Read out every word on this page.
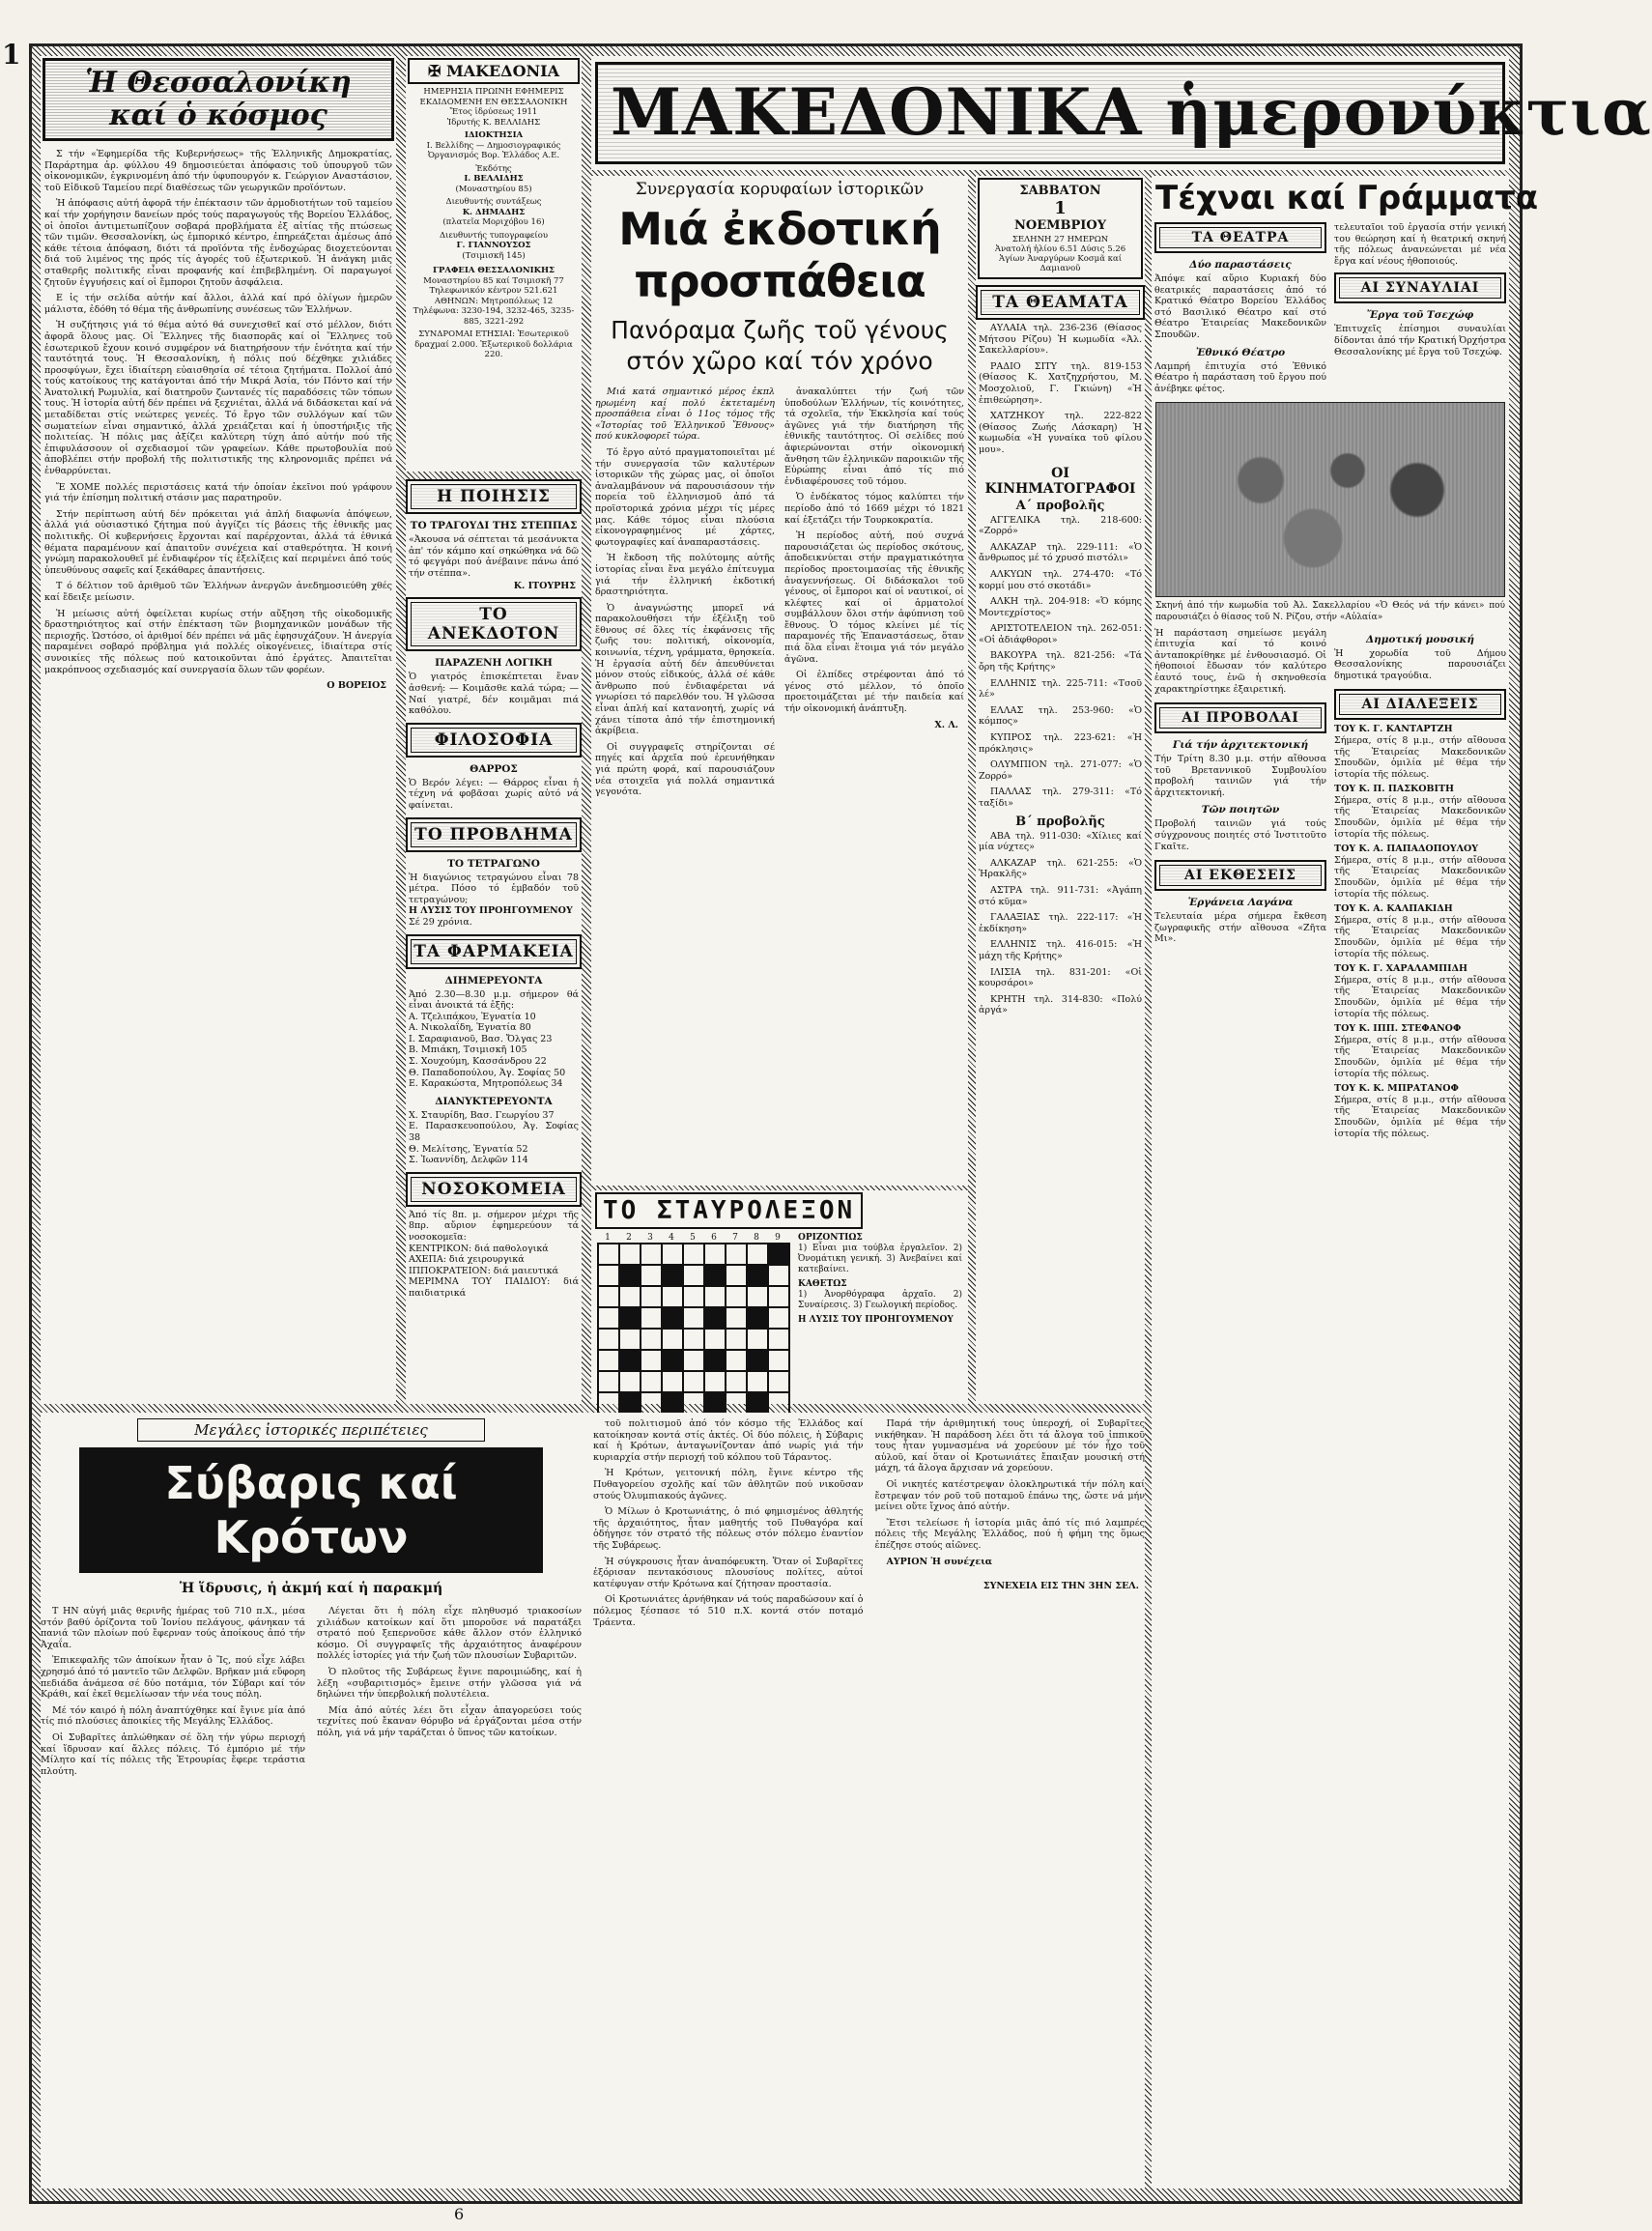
1
Ἡ Θεσσαλονίκη καί ὁ κόσμος

Σ τήν «Ἐφημερίδα τῆς Κυβερνήσεως» τῆς Ἑλληνικῆς Δημοκρατίας, Παράρτημα ἀρ. φύλλου 49 δημοσιεύεται ἀπόφασις τοῦ ὑπουργοῦ τῶν οἰκονομικῶν, ἐγκρινομένη ἀπό τήν ὑφυπουργόν κ. Γεώργιον Αναστάσιον, τοῦ Εἰδικοῦ Ταμείου περί διαθέσεως τῶν γεωργικῶν προϊόντων.

Ἡ ἀπόφασις αὐτή ἀφορᾶ τήν ἐπέκτασιν τῶν ἀρμοδιοτήτων τοῦ ταμείου καί τήν χορήγησιν δανείων πρός τούς παραγωγούς τῆς Βορείου Ἑλλάδος, οἱ ὁποῖοι ἀντιμετωπίζουν σοβαρά προβλήματα ἐξ αἰτίας τῆς πτώσεως τῶν τιμῶν. Θεσσαλονίκη, ὡς ἐμπορικό κέντρο, ἐπηρεάζεται ἀμέσως ἀπό κάθε τέτοια ἀπόφαση, διότι τά προϊόντα τῆς ἐνδοχώρας διοχετεύονται διά τοῦ λιμένος της πρός τίς ἀγορές τοῦ ἐξωτερικοῦ. Ἡ ἀνάγκη μιᾶς σταθερῆς πολιτικῆς εἶναι προφανής καί ἐπιβεβλημένη. Οἱ παραγωγοί ζητοῦν ἐγγυήσεις καί οἱ ἔμποροι ζητοῦν ἀσφάλεια.

Ε ἰς τήν σελίδα αὐτήν καί ἄλλοι, ἀλλά καί πρό ὀλίγων ἡμερῶν μάλιστα, ἐδόθη τό θέμα τῆς ἀνθρωπίνης συνέσεως τῶν Ἑλλήνων.

Ἡ συζήτησις γιά τό θέμα αὐτό θά συνεχισθεῖ καί στό μέλλον, διότι ἀφορᾶ ὅλους μας. Οἱ Ἕλληνες τῆς διασπορᾶς καί οἱ Ἕλληνες τοῦ ἐσωτερικοῦ ἔχουν κοινό συμφέρον νά διατηρήσουν τήν ἑνότητα καί τήν ταυτότητά τους. Ἡ Θεσσαλονίκη, ἡ πόλις πού δέχθηκε χιλιάδες προσφύγων, ἔχει ἰδιαίτερη εὐαισθησία σέ τέτοια ζητήματα. Πολλοί ἀπό τούς κατοίκους της κατάγονται ἀπό τήν Μικρά Ἀσία, τόν Πόντο καί τήν Ἀνατολική Ρωμυλία, καί διατηροῦν ζωντανές τίς παραδόσεις τῶν τόπων τους. Ἡ ἱστορία αὐτή δέν πρέπει νά ξεχνιέται, ἀλλά νά διδάσκεται καί νά μεταδίδεται στίς νεώτερες γενεές. Τό ἔργο τῶν συλλόγων καί τῶν σωματείων εἶναι σημαντικό, ἀλλά χρειάζεται καί ἡ ὑποστήριξις τῆς πολιτείας. Ἡ πόλις μας ἀξίζει καλύτερη τύχη ἀπό αὐτήν πού τῆς ἐπιφυλάσσουν οἱ σχεδιασμοί τῶν γραφείων. Κάθε πρωτοβουλία πού ἀποβλέπει στήν προβολή τῆς πολιτιστικῆς της κληρονομιᾶς πρέπει νά ἐνθαρρύνεται.

Ἔ ΧΟΜΕ πολλές περιστάσεις κατά τήν ὁποίαν ἐκεῖνοι πού γράφουν γιά τήν ἐπίσημη πολιτική στάσιν μας παρατηροῦν.

Στήν περίπτωση αὐτή δέν πρόκειται γιά ἀπλή διαφωνία ἀπόψεων, ἀλλά γιά οὐσιαστικό ζήτημα πού ἀγγίζει τίς βάσεις τῆς ἐθνικῆς μας πολιτικῆς. Οἱ κυβερνήσεις ἔρχονται καί παρέρχονται, ἀλλά τά ἐθνικά θέματα παραμένουν καί ἀπαιτοῦν συνέχεια καί σταθερότητα. Ἡ κοινή γνώμη παρακολουθεῖ μέ ἐνδιαφέρον τίς ἐξελίξεις καί περιμένει ἀπό τούς ὑπευθύνους σαφεῖς καί ξεκάθαρες ἀπαντήσεις.

Τ ό δέλτιον τοῦ ἀριθμοῦ τῶν Ἑλλήνων ἀνεργῶν ἀνεδημοσιεύθη χθές καί ἔδειξε μείωσιν.

Ἡ μείωσις αὐτή ὀφείλεται κυρίως στήν αὔξηση τῆς οἰκοδομικῆς δραστηριότητος καί στήν ἐπέκταση τῶν βιομηχανικῶν μονάδων τῆς περιοχῆς. Ὡστόσο, οἱ ἀριθμοί δέν πρέπει νά μᾶς ἐφησυχάζουν. Ἡ ἀνεργία παραμένει σοβαρό πρόβλημα γιά πολλές οἰκογένειες, ἰδιαίτερα στίς συνοικίες τῆς πόλεως πού κατοικοῦνται ἀπό ἐργάτες. Ἀπαιτεῖται μακρόπνοος σχεδιασμός καί συνεργασία ὅλων τῶν φορέων.

Ο ΒΟΡΕΙΟΣ
✠ ΜΑΚΕΔΟΝΙΑ
ΗΜΕΡΗΣΙΑ ΠΡΩΙΝΗ ΕΦΗΜΕΡΙΣ
ΕΚΔΙΔΟΜΕΝΗ ΕΝ ΘΕΣΣΑΛΟΝΙΚΗ
Ἔτος ἱδρύσεως 1911
Ἱδρυτής Κ. ΒΕΛΛΙΔΗΣ
ΙΔΙΟΚΤΗΣΙΑ
Ι. Βελλίδης — Δημοσιογραφικός
Ὀργανισμός Βορ. Ἑλλάδος Α.Ε.
Ἐκδότης
Ι. ΒΕΛΛΙΔΗΣ
(Μοναστηρίου 85)
Διευθυντής συντάξεως
Κ. ΔΗΜΑΔΗΣ
(πλατεῖα Μοριχόβου 16)
Διευθυντής τυπογραφείου
Γ. ΓΙΑΝΝΟΥΣΟΣ
(Τσιμισκῆ 145)
ΓΡΑΦΕΙΑ ΘΕΣΣΑΛΟΝΙΚΗΣ
Μοναστηρίου 85 καί Τσιμισκῆ 77
Τηλεφωνικόν κέντρον 521.621
ΑΘΗΝΩΝ: Μητροπόλεως 12
Τηλέφωνα: 3230-194, 3232-465, 3235-885, 3221-292
ΣΥΝΔΡΟΜΑΙ ΕΤΗΣΙΑΙ: Ἐσωτερικοῦ δραχμαί 2.000. Ἐξωτερικοῦ δολλάρια 220.
Η ΠΟΙΗΣΙΣ
ΤΟ ΤΡΑΓΟΥΔΙ ΤΗΣ ΣΤΕΠΠΑΣ
«Ἀκουσα νά σέπτεται τά μεσάνυκτα ἀπ' τόν κάμπο καί σηκώθηκα νά δῶ τό φεγγάρι πού ἀνέβαινε πάνω ἀπό τήν στέππα».
Κ. ΙΤΟΥΡΗΣ
ΤΟ ΑΝΕΚΔΟΤΟΝ
ΠΑΡΑΖΕΝΗ ΛΟΓΙΚΗ
Ὁ γιατρός ἐπισκέπτεται ἕναν ἀσθενή: — Κοιμᾶσθε καλά τώρα; — Ναί γιατρέ, δέν κοιμᾶμαι πιά καθόλου.
ΦΙΛΟΣΟΦΙΑ
ΘΑΡΡΟΣ
Ὁ Βερόν λέγει: — Θάρρος εἶναι ἡ τέχνη νά φοβᾶσαι χωρίς αὐτό νά φαίνεται.
ΤΟ ΠΡΟΒΛΗΜΑ
ΤΟ ΤΕΤΡΑΓΩΝΟ
Ἡ διαγώνιος τετραγώνου εἶναι 78 μέτρα. Πόσο τό ἐμβαδόν τοῦ τετραγώνου;
Η ΛΥΣΙΣ ΤΟΥ ΠΡΟΗΓΟΥΜΕΝΟΥ
Σέ 29 χρόνια.
ΤΑ ΦΑΡΜΑΚΕΙΑ
ΔΙΗΜΕΡΕΥΟΝΤΑ
Ἀπό 2.30—8.30 μ.μ. σήμερον θά εἶναι ἀνοικτά τά ἑξῆς:
Α. Τζελιπάκου, Ἐγνατία 10
Α. Νικολαΐδη, Ἐγνατία 80
Ι. Σαραφιανοῦ, Βασ. Ὄλγας 23
Β. Μπιάκη, Τσιμισκῆ 105
Σ. Χουχούμη, Κασσάνδρου 22
Θ. Παπαδοπούλου, Ἀγ. Σοφίας 50
Ε. Καρακώστα, Μητροπόλεως 34
ΔΙΑΝΥΚΤΕΡΕΥΟΝΤΑ
Χ. Σταυρίδη, Βασ. Γεωργίου 37
Ε. Παρασκευοπούλου, Ἀγ. Σοφίας 38
Θ. Μελίτσης, Ἐγνατία 52
Σ. Ἰωαννίδη, Δελφῶν 114
ΝΟΣΟΚΟΜΕΙΑ
Ἀπό τίς 8π. μ. σήμερον μέχρι τῆς 8πρ. αὔριον ἐφημερεύουν τά νοσοκομεῖα:
ΚΕΝΤΡΙΚΟΝ: διά παθολογικά
ΑΧΕΠΑ: διά χειρουργικά
ΙΠΠΟΚΡΑΤΕΙΟΝ: διά μαιευτικά
ΜΕΡΙΜΝΑ ΤΟΥ ΠΑΙΔΙΟΥ: διά παιδιατρικά
ΜΑΚΕΔΟΝΙΚΑ ἡμερονύκτια
Συνεργασία κορυφαίων ἱστορικῶν
Μιά ἐκδοτική προσπάθεια
Πανόραμα ζωῆς τοῦ γένους στόν χῶρο καί τόν χρόνο

Μιά κατά σημαντικό μέρος ἐκπλ ηρωμένη καί πολύ ἐκτεταμένη προσπάθεια εἶναι ὁ 11ος τόμος τῆς «Ἱστορίας τοῦ Ἑλληνικοῦ Ἔθνους» πού κυκλοφορεῖ τώρα.

Τό ἔργο αὐτό πραγματοποιεῖται μέ τήν συνεργασία τῶν καλυτέρων ἱστορικῶν τῆς χώρας μας, οἱ ὁποῖοι ἀναλαμβάνουν νά παρουσιάσουν τήν πορεία τοῦ ἑλληνισμοῦ ἀπό τά προϊστορικά χρόνια μέχρι τίς μέρες μας. Κάθε τόμος εἶναι πλούσια εἰκονογραφημένος μέ χάρτες, φωτογραφίες καί ἀναπαραστάσεις.

Ἡ ἔκδοση τῆς πολύτομης αὐτῆς ἱστορίας εἶναι ἕνα μεγάλο ἐπίτευγμα γιά τήν ἑλληνική ἐκδοτική δραστηριότητα.

Ὁ ἀναγνώστης μπορεῖ νά παρακολουθήσει τήν ἐξέλιξη τοῦ ἔθνους σέ ὅλες τίς ἐκφάνσεις τῆς ζωῆς του: πολιτική, οἰκονομία, κοινωνία, τέχνη, γράμματα, θρησκεία. Ἡ ἐργασία αὐτή δέν ἀπευθύνεται μόνον στούς εἰδικούς, ἀλλά σέ κάθε ἄνθρωπο πού ἐνδιαφέρεται νά γνωρίσει τό παρελθόν του. Ἡ γλῶσσα εἶναι ἁπλή καί κατανοητή, χωρίς νά χάνει τίποτα ἀπό τήν ἐπιστημονική ἀκρίβεια.

Οἱ συγγραφεῖς στηρίζονται σέ πηγές καί ἀρχεῖα πού ἐρευνήθηκαν γιά πρώτη φορά, καί παρουσιάζουν νέα στοιχεῖα γιά πολλά σημαντικά γεγονότα.

ἀνακαλύπτει τήν ζωή τῶν ὑποδούλων Ἑλλήνων, τίς κοινότητες, τά σχολεῖα, τήν Ἐκκλησία καί τούς ἀγῶνες γιά τήν διατήρηση τῆς ἐθνικῆς ταυτότητος. Οἱ σελίδες πού ἀφιερώνονται στήν οἰκονομική ἄνθηση τῶν ἑλληνικῶν παροικιῶν τῆς Εὐρώπης εἶναι ἀπό τίς πιό ἐνδιαφέρουσες τοῦ τόμου.

Ὁ ἐνδέκατος τόμος καλύπτει τήν περίοδο ἀπό τό 1669 μέχρι τό 1821 καί ἐξετάζει τήν Τουρκοκρατία.

Ἡ περίοδος αὐτή, πού συχνά παρουσιάζεται ὡς περίοδος σκότους, ἀποδεικνύεται στήν πραγματικότητα περίοδος προετοιμασίας τῆς ἐθνικῆς ἀναγεννήσεως. Οἱ διδάσκαλοι τοῦ γένους, οἱ ἔμποροι καί οἱ ναυτικοί, οἱ κλέφτες καί οἱ ἁρματολοί συμβάλλουν ὅλοι στήν ἀφύπνιση τοῦ ἔθνους. Ὁ τόμος κλείνει μέ τίς παραμονές τῆς Ἐπαναστάσεως, ὅταν πιά ὅλα εἶναι ἕτοιμα γιά τόν μεγάλο ἀγῶνα.

Οἱ ἐλπίδες στρέφονται ἀπό τό γένος στό μέλλον, τό ὁποῖο προετοιμάζεται μέ τήν παιδεία καί τήν οἰκονομική ἀνάπτυξη.

Χ. Λ.
ΤΟ ΣΤΑΥΡΟΛΕΞΟΝ
1	2	3	4	5	6	7	8	9	ΟΡΙΖΟΝΤΙΩΣ
1) Εἶναι μια τούβλα ἐργαλεῖον. 2) Ὀνομάτικη γενική. 3) Ἀνεβαίνει καί κατεβαίνει.
ΚΑΘΕΤΩΣ
1) Ἀνορθόγραφα ἀρχαῖο. 2) Συναίρεσις. 3) Γεωλογική περίοδος.
Η ΛΥΣΙΣ ΤΟΥ ΠΡΟΗΓΟΥΜΕΝΟΥ
ΣΑΒΒΑΤΟΝ
1
ΝΟΕΜΒΡΙΟΥ
ΣΕΛΗΝΗ 27 ΗΜΕΡΩΝ
Ἀνατολή ἡλίου 6.51 Δύσις 5.26
Ἁγίων Ἀναργύρων Κοσμᾶ καί Δαμιανοῦ
ΤΑ ΘΕΑΜΑΤΑ

ΑΥΛΑΙΑ τηλ. 236-236 (Θίασος Μήτσου Ρίζου) Ἡ κωμωδία «Ἀλ. Σακελλαρίου».

ΡΑΔΙΟ ΣΙΤΥ τηλ. 819-153 (Θίασος Κ. Χατζηχρήστου, Μ. Μοσχολιοῦ, Γ. Γκιώνη) «Ἡ ἐπιθεώρηση».

ΧΑΤΖΗΚΟΥ τηλ. 222-822 (Θίασος Ζωής Λάσκαρη) Ἡ κωμωδία «Ἡ γυναίκα τοῦ φίλου μου».

ΟΙ ΚΙΝΗΜΑΤΟΓΡΑΦΟΙ
Α΄ προβολῆς

ΑΓΓΕΛΙΚΑ τηλ. 218-600: «Ζορρό»

ΑΛΚΑΖΑΡ τηλ. 229-111: «Ὁ ἄνθρωπος μέ τό χρυσό πιστόλι»

ΑΛΚΥΩΝ τηλ. 274-470: «Τό κορμί μου στό σκοτάδι»

ΑΛΚΗ τηλ. 204-918: «Ὁ κόμης Μοντεχρίστος»

ΑΡΙΣΤΟΤΕΛΕΙΟΝ τηλ. 262-051: «Οἱ ἀδιάφθοροι»

ΒΑΚΟΥΡΑ τηλ. 821-256: «Τά ὄρη τῆς Κρήτης»

ΕΛΛΗΝΙΣ τηλ. 225-711: «Τσοῦ λέ»

ΕΛΛΑΣ τηλ. 253-960: «Ὁ κόμπος»

ΚΥΠΡΟΣ τηλ. 223-621: «Ἡ πρόκλησις»

ΟΛΥΜΠΙΟΝ τηλ. 271-077: «Ὁ Ζορρό»

ΠΑΛΛΑΣ τηλ. 279-311: «Τό ταξίδι»

Β΄ προβολῆς

ΑΒΑ τηλ. 911-030: «Χίλιες καί μία νύχτες»

ΑΛΚΑΖΑΡ τηλ. 621-255: «Ὁ Ἡρακλῆς»

ΑΣΤΡΑ τηλ. 911-731: «Ἀγάπη στό κῦμα»

ΓΑΛΑΞΙΑΣ τηλ. 222-117: «Ἡ ἐκδίκηση»

ΕΛΛΗΝΙΣ τηλ. 416-015: «Ἡ μάχη τῆς Κρήτης»

ΙΛΙΣΙΑ τηλ. 831-201: «Οἱ κουρσάροι»

ΚΡΗΤΗ τηλ. 314-830: «Πολύ ἀργά»

Τέχναι καί Γράμματα
ΤΑ ΘΕΑΤΡΑ
Δύο παραστάσεις
Ἀπόψε καί αὔριο Κυριακή δύο θεατρικές παραστάσεις ἀπό τό Κρατικό Θέατρο Βορείου Ἑλλάδος στό Βασιλικό Θέατρο καί στό Θέατρο Ἑταιρείας Μακεδονικῶν Σπουδῶν.
Ἐθνικό Θέατρο
Λαμπρή ἐπιτυχία στό Ἐθνικό Θέατρο ἡ παράσταση τοῦ ἔργου πού ἀνέβηκε φέτος.
τελευταῖοι τοῦ ἐργασία στήν γενική του θεώρηση καί ἡ θεατρική σκηνή τῆς πόλεως ἀνανεώνεται μέ νέα ἔργα καί νέους ἠθοποιούς.
ΑΙ ΣΥΝΑΥΛΙΑΙ
Ἔργα τοῦ Τσεχώφ
Ἐπιτυχεῖς ἐπίσημοι συναυλίαι δίδονται ἀπό τήν Κρατική Ὀρχήστρα Θεσσαλονίκης μέ ἔργα τοῦ Τσεχώφ.
Σκηνή ἀπό τήν κωμωδία τοῦ Ἀλ. Σακελλαρίου «Ὁ Θεός νά τήν κάνει» πού παρουσιάζει ὁ θίασος τοῦ Ν. Ρίζου, στήν «Αὐλαία»
Ἡ παράσταση σημείωσε μεγάλη ἐπιτυχία καί τό κοινό ἀνταποκρίθηκε μέ ἐνθουσιασμό. Οἱ ἠθοποιοί ἔδωσαν τόν καλύτερο ἑαυτό τους, ἐνῶ ἡ σκηνοθεσία χαρακτηρίστηκε ἐξαιρετική.
ΑΙ ΠΡΟΒΟΛΑΙ
Γιά τήν ἀρχιτεκτονική
Τήν Τρίτη 8.30 μ.μ. στήν αἴθουσα τοῦ Βρεταννικοῦ Συμβουλίου προβολή ταινιῶν γιά τήν ἀρχιτεκτονική.
Τῶν ποιητῶν
Προβολή ταινιῶν γιά τούς σύγχρονους ποιητές στό Ἰνστιτοῦτο Γκαῖτε.
ΑΙ ΕΚΘΕΣΕΙΣ
Ἑργάνεια Λαγάνα
Τελευταία μέρα σήμερα ἔκθεση ζωγραφικῆς στήν αἴθουσα «Ζῆτα Μι».
Δημοτική μουσική
Ἡ χορωδία τοῦ Δήμου Θεσσαλονίκης παρουσιάζει δημοτικά τραγούδια.
ΑΙ ΔΙΑΛΕΞΕΙΣ
ΤΟΥ Κ. Γ. ΚΑΝΤΑΡΤΖΗ
Σήμερα, στίς 8 μ.μ., στήν αἴθουσα τῆς Ἑταιρείας Μακεδονικῶν Σπουδῶν, ὁμιλία μέ θέμα τήν ἱστορία τῆς πόλεως.
ΤΟΥ Κ. Π. ΠΑΣΚΟΒΙΤΗ
Σήμερα, στίς 8 μ.μ., στήν αἴθουσα τῆς Ἑταιρείας Μακεδονικῶν Σπουδῶν, ὁμιλία μέ θέμα τήν ἱστορία τῆς πόλεως.
ΤΟΥ Κ. Α. ΠΑΠΑΔΟΠΟΥΛΟΥ
Σήμερα, στίς 8 μ.μ., στήν αἴθουσα τῆς Ἑταιρείας Μακεδονικῶν Σπουδῶν, ὁμιλία μέ θέμα τήν ἱστορία τῆς πόλεως.
ΤΟΥ Κ. Α. ΚΑΛΠΑΚΙΔΗ
Σήμερα, στίς 8 μ.μ., στήν αἴθουσα τῆς Ἑταιρείας Μακεδονικῶν Σπουδῶν, ὁμιλία μέ θέμα τήν ἱστορία τῆς πόλεως.
ΤΟΥ Κ. Γ. ΧΑΡΑΛΑΜΠΙΔΗ
Σήμερα, στίς 8 μ.μ., στήν αἴθουσα τῆς Ἑταιρείας Μακεδονικῶν Σπουδῶν, ὁμιλία μέ θέμα τήν ἱστορία τῆς πόλεως.
ΤΟΥ Κ. ΙΠΠ. ΣΤΕΦΑΝΟΦ
Σήμερα, στίς 8 μ.μ., στήν αἴθουσα τῆς Ἑταιρείας Μακεδονικῶν Σπουδῶν, ὁμιλία μέ θέμα τήν ἱστορία τῆς πόλεως.
ΤΟΥ Κ. Κ. ΜΠΡΑΤΑΝΟΦ
Σήμερα, στίς 8 μ.μ., στήν αἴθουσα τῆς Ἑταιρείας Μακεδονικῶν Σπουδῶν, ὁμιλία μέ θέμα τήν ἱστορία τῆς πόλεως.
Μεγάλες ἱστορικές περιπέτειες
Σύβαρις καί Κρότων
Ἡ ἵδρυσις, ἡ ἀκμή καί ἡ παρακμή

Τ ΗΝ αὐγή μιᾶς θερινῆς ἡμέρας τοῦ 710 π.Χ., μέσα στόν βαθύ ὁρίζοντα τοῦ Ἰονίου πελάγους, φάνηκαν τά πανιά τῶν πλοίων πού ἔφερναν τούς ἀποίκους ἀπό τήν Ἀχαΐα.

Ἐπικεφαλῆς τῶν ἀποίκων ἦταν ὁ Ἴς, πού εἶχε λάβει χρησμό ἀπό τό μαντεῖο τῶν Δελφῶν. Βρῆκαν μιά εὔφορη πεδιάδα ἀνάμεσα σέ δύο ποτάμια, τόν Σύβαρι καί τόν Κράθι, καί ἐκεῖ θεμελίωσαν τήν νέα τους πόλη.

Μέ τόν καιρό ἡ πόλη ἀναπτύχθηκε καί ἔγινε μία ἀπό τίς πιό πλούσιες ἀποικίες τῆς Μεγάλης Ἑλλάδος.

Οἱ Συβαρῖτες ἁπλώθηκαν σέ ὅλη τήν γύρω περιοχή καί ἵδρυσαν καί ἄλλες πόλεις. Τό ἐμπόριο μέ τήν Μίλητο καί τίς πόλεις τῆς Ἐτρουρίας ἔφερε τεράστια πλούτη.

Λέγεται ὅτι ἡ πόλη εἶχε πληθυσμό τριακοσίων χιλιάδων κατοίκων καί ὅτι μποροῦσε νά παρατάξει στρατό πού ξεπερνοῦσε κάθε ἄλλον στόν ἑλληνικό κόσμο. Οἱ συγγραφεῖς τῆς ἀρχαιότητος ἀναφέρουν πολλές ἱστορίες γιά τήν ζωή τῶν πλουσίων Συβαριτῶν.

Ὁ πλοῦτος τῆς Συβάρεως ἔγινε παροιμιώδης, καί ἡ λέξη «συβαριτισμός» ἔμεινε στήν γλῶσσα γιά νά δηλώνει τήν ὑπερβολική πολυτέλεια.

Μία ἀπό αὐτές λέει ὅτι εἶχαν ἀπαγορεύσει τούς τεχνίτες πού ἔκαναν θόρυβο νά ἐργάζονται μέσα στήν πόλη, γιά νά μήν ταράζεται ὁ ὕπνος τῶν κατοίκων.

τοῦ πολιτισμοῦ ἀπό τόν κόσμο τῆς Ἑλλάδος καί κατοίκησαν κοντά στίς ἀκτές. Οἱ δύο πόλεις, ἡ Σύβαρις καί ἡ Κρότων, ἀνταγωνίζονταν ἀπό νωρίς γιά τήν κυριαρχία στήν περιοχή τοῦ κόλπου τοῦ Τάραντος.

Ἡ Κρότων, γειτονική πόλη, ἔγινε κέντρο τῆς Πυθαγορείου σχολῆς καί τῶν ἀθλητῶν πού νικοῦσαν στούς Ὀλυμπιακούς ἀγῶνες.

Ὁ Μίλων ὁ Κροτωνιάτης, ὁ πιό φημισμένος ἀθλητής τῆς ἀρχαιότητος, ἦταν μαθητής τοῦ Πυθαγόρα καί ὁδήγησε τόν στρατό τῆς πόλεως στόν πόλεμο ἐναντίον τῆς Συβάρεως.

Ἡ σύγκρουσις ἦταν ἀναπόφευκτη. Ὅταν οἱ Συβαρῖτες ἐξόρισαν πεντακόσιους πλουσίους πολίτες, αὐτοί κατέφυγαν στήν Κρότωνα καί ζήτησαν προστασία.

Οἱ Κροτωνιάτες ἀρνήθηκαν νά τούς παραδώσουν καί ὁ πόλεμος ξέσπασε τό 510 π.Χ. κοντά στόν ποταμό Τράεντα.

Παρά τήν ἀριθμητική τους ὑπεροχή, οἱ Συβαρῖτες νικήθηκαν. Ἡ παράδοση λέει ὅτι τά ἄλογα τοῦ ἱππικοῦ τους ἦταν γυμνασμένα νά χορεύουν μέ τόν ἦχο τοῦ αὐλοῦ, καί ὅταν οἱ Κροτωνιάτες ἔπαιξαν μουσική στή μάχη, τά ἄλογα ἄρχισαν νά χορεύουν.

Οἱ νικητές κατέστρεψαν ὁλοκληρωτικά τήν πόλη καί ἔστρεψαν τόν ροῦ τοῦ ποταμοῦ ἐπάνω της, ὥστε νά μήν μείνει οὔτε ἴχνος ἀπό αὐτήν.

Ἔτσι τελείωσε ἡ ἱστορία μιᾶς ἀπό τίς πιό λαμπρές πόλεις τῆς Μεγάλης Ἑλλάδος, πού ἡ φήμη της ὅμως ἐπέζησε στούς αἰῶνες.

ΑΥΡΙΟΝ Ἡ συνέχεια
ΣΥΝΕΧΕΙΑ ΕΙΣ ΤΗΝ 3ΗΝ ΣΕΛ.
6
